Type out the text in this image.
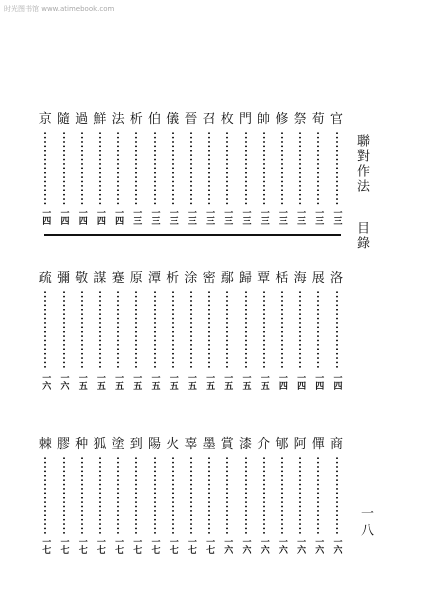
时光图书馆 www.atimebook.com
官
一三
荀
一三
祭
一三
修
一三
帥
一三
門
一三
枚
一三
召
一三
晉
一三
儀
一三
伯
一三
析
一三
法
一四
鮮
一四
過
一四
隨
一四
京
一四
洛
一四
展
一四
海
一四
栝
一四
覃
一五
歸
一五
鄢
一五
密
一五
涂
一五
析
一五
潭
一五
原
一五
蹇
一五
謀
一五
敬
一五
彌
一六
疏
一六
商
一六
僤
一六
阿
一六
郇
一六
介
一六
漆
一六
賞
一六
墨
一七
辜
一七
火
一七
陽
一七
到
一七
塗
一七
狐
一七
种
一七
膠
一七
棘
一七
聯對作法 目錄
一八
